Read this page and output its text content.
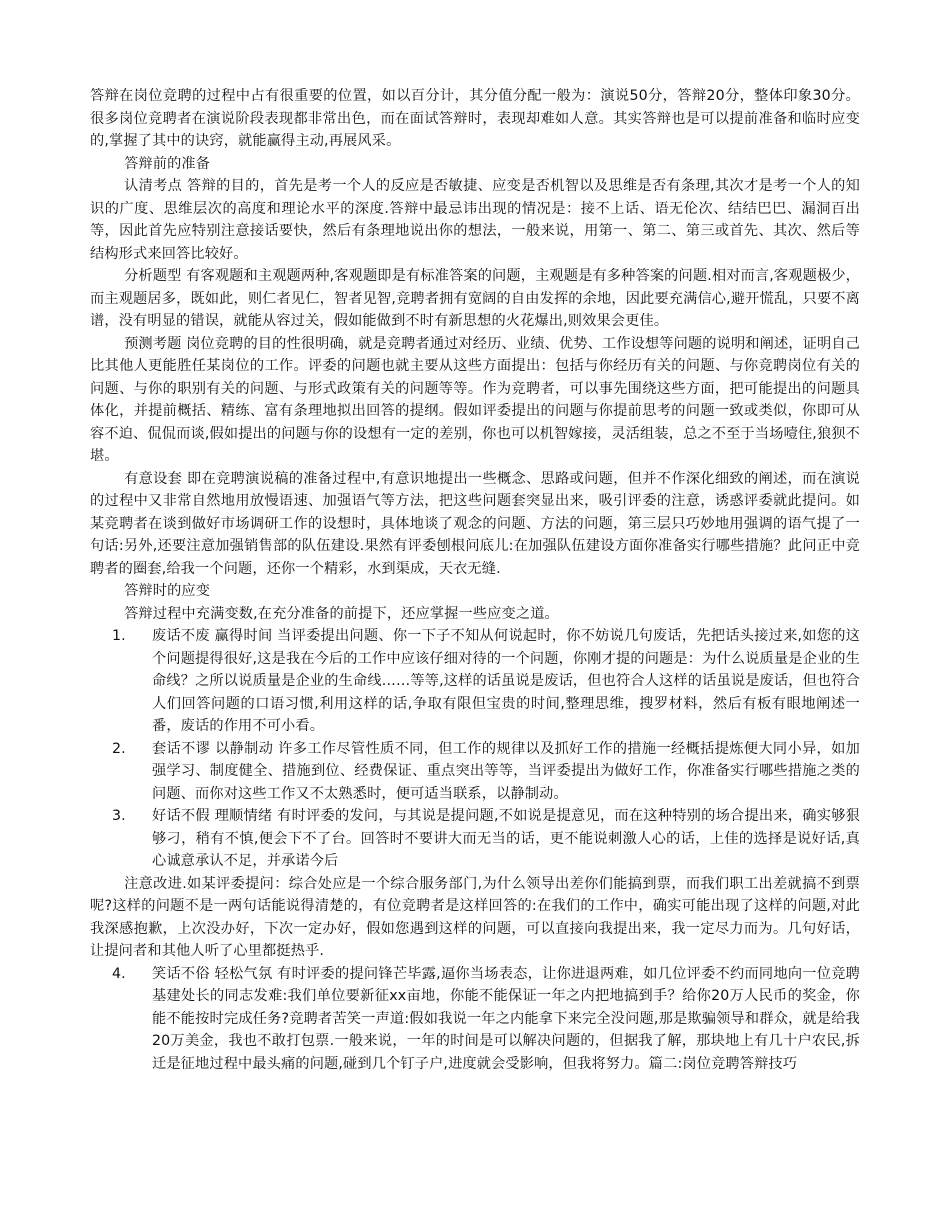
答辩在岗位竞聘的过程中占有很重要的位置，如以百分计，其分值分配一般为：演说50分，答辩20分，整体印象30分。很多岗位竞聘者在演说阶段表现都非常出色，而在面试答辩时，表现却难如人意。其实答辩也是可以提前准备和临时应变的,掌握了其中的诀窍，就能赢得主动,再展风采。

答辩前的准备

认清考点 答辩的目的，首先是考一个人的反应是否敏捷、应变是否机智以及思维是否有条理,其次才是考一个人的知识的广度、思维层次的高度和理论水平的深度.答辩中最忌讳出现的情况是：接不上话、语无伦次、结结巴巴、漏洞百出等，因此首先应特别注意接话要快，然后有条理地说出你的想法，一般来说，用第一、第二、第三或首先、其次、然后等结构形式来回答比较好。

分析题型 有客观题和主观题两种,客观题即是有标准答案的问题，主观题是有多种答案的问题.相对而言,客观题极少，而主观题居多，既如此，则仁者见仁，智者见智,竞聘者拥有宽阔的自由发挥的余地，因此要充满信心,避开慌乱，只要不离谱，没有明显的错误，就能从容过关，假如能做到不时有新思想的火花爆出,则效果会更佳。

预测考题 岗位竞聘的目的性很明确，就是竞聘者通过对经历、业绩、优势、工作设想等问题的说明和阐述，证明自己比其他人更能胜任某岗位的工作。评委的问题也就主要从这些方面提出：包括与你经历有关的问题、与你竞聘岗位有关的问题、与你的职别有关的问题、与形式政策有关的问题等等。作为竞聘者，可以事先围绕这些方面，把可能提出的问题具体化，并提前概括、精练、富有条理地拟出回答的提纲。假如评委提出的问题与你提前思考的问题一致或类似，你即可从容不迫、侃侃而谈,假如提出的问题与你的设想有一定的差别，你也可以机智嫁接，灵活组装，总之不至于当场噎住,狼狈不堪。

有意设套 即在竞聘演说稿的准备过程中,有意识地提出一些概念、思路或问题，但并不作深化细致的阐述，而在演说的过程中又非常自然地用放慢语速、加强语气等方法，把这些问题套突显出来，吸引评委的注意，诱惑评委就此提问。如某竞聘者在谈到做好市场调研工作的设想时，具体地谈了观念的问题、方法的问题，第三层只巧妙地用强调的语气提了一句话:另外,还要注意加强销售部的队伍建设.果然有评委刨根问底儿:在加强队伍建设方面你准备实行哪些措施？此问正中竞聘者的圈套,给我一个问题，还你一个精彩，水到渠成，天衣无缝.

答辩时的应变

答辩过程中充满变数,在充分准备的前提下，还应掌握一些应变之道。

1.	废话不废 赢得时间 当评委提出问题、你一下子不知从何说起时，你不妨说几句废话，先把话头接过来,如您的这个问题提得很好,这是我在今后的工作中应该仔细对待的一个问题，你刚才提的问题是：为什么说质量是企业的生命线？之所以说质量是企业的生命线……等等,这样的话虽说是废话，但也符合人这样的话虽说是废话，但也符合人们回答问题的口语习惯,利用这样的话,争取有限但宝贵的时间,整理思维，搜罗材料，然后有板有眼地阐述一番，废话的作用不可小看。
2.	套话不谬 以静制动 许多工作尽管性质不同，但工作的规律以及抓好工作的措施一经概括提炼便大同小异，如加强学习、制度健全、措施到位、经费保证、重点突出等等，当评委提出为做好工作，你准备实行哪些措施之类的问题、而你对这些工作又不太熟悉时，便可适当联系，以静制动。
3.	好话不假 理顺情绪 有时评委的发问，与其说是提问题,不如说是提意见，而在这种特别的场合提出来，确实够狠够刁，稍有不慎,便会下不了台。回答时不要讲大而无当的话，更不能说刺激人心的话，上佳的选择是说好话,真心诚意承认不足，并承诺今后

注意改进.如某评委提问：综合处应是一个综合服务部门,为什么领导出差你们能搞到票，而我们职工出差就搞不到票呢?这样的问题不是一两句话能说得清楚的，有位竞聘者是这样回答的:在我们的工作中，确实可能出现了这样的问题,对此我深感抱歉，上次没办好，下次一定办好，假如您遇到这样的问题，可以直接向我提出来，我一定尽力而为。几句好话，让提问者和其他人听了心里都挺热乎.

4.	笑话不俗 轻松气氛 有时评委的提问锋芒毕露,逼你当场表态，让你进退两难，如几位评委不约而同地向一位竞聘基建处长的同志发难:我们单位要新征xx亩地，你能不能保证一年之内把地搞到手？给你20万人民币的奖金，你能不能按时完成任务?竞聘者苦笑一声道:假如我说一年之内能拿下来完全没问题,那是欺骗领导和群众，就是给我20万美金，我也不敢打包票.一般来说，一年的时间是可以解决问题的，但据我了解，那块地上有几十户农民,拆迁是征地过程中最头痛的问题,碰到几个钉子户,进度就会受影响，但我将努力。篇二:岗位竞聘答辩技巧
